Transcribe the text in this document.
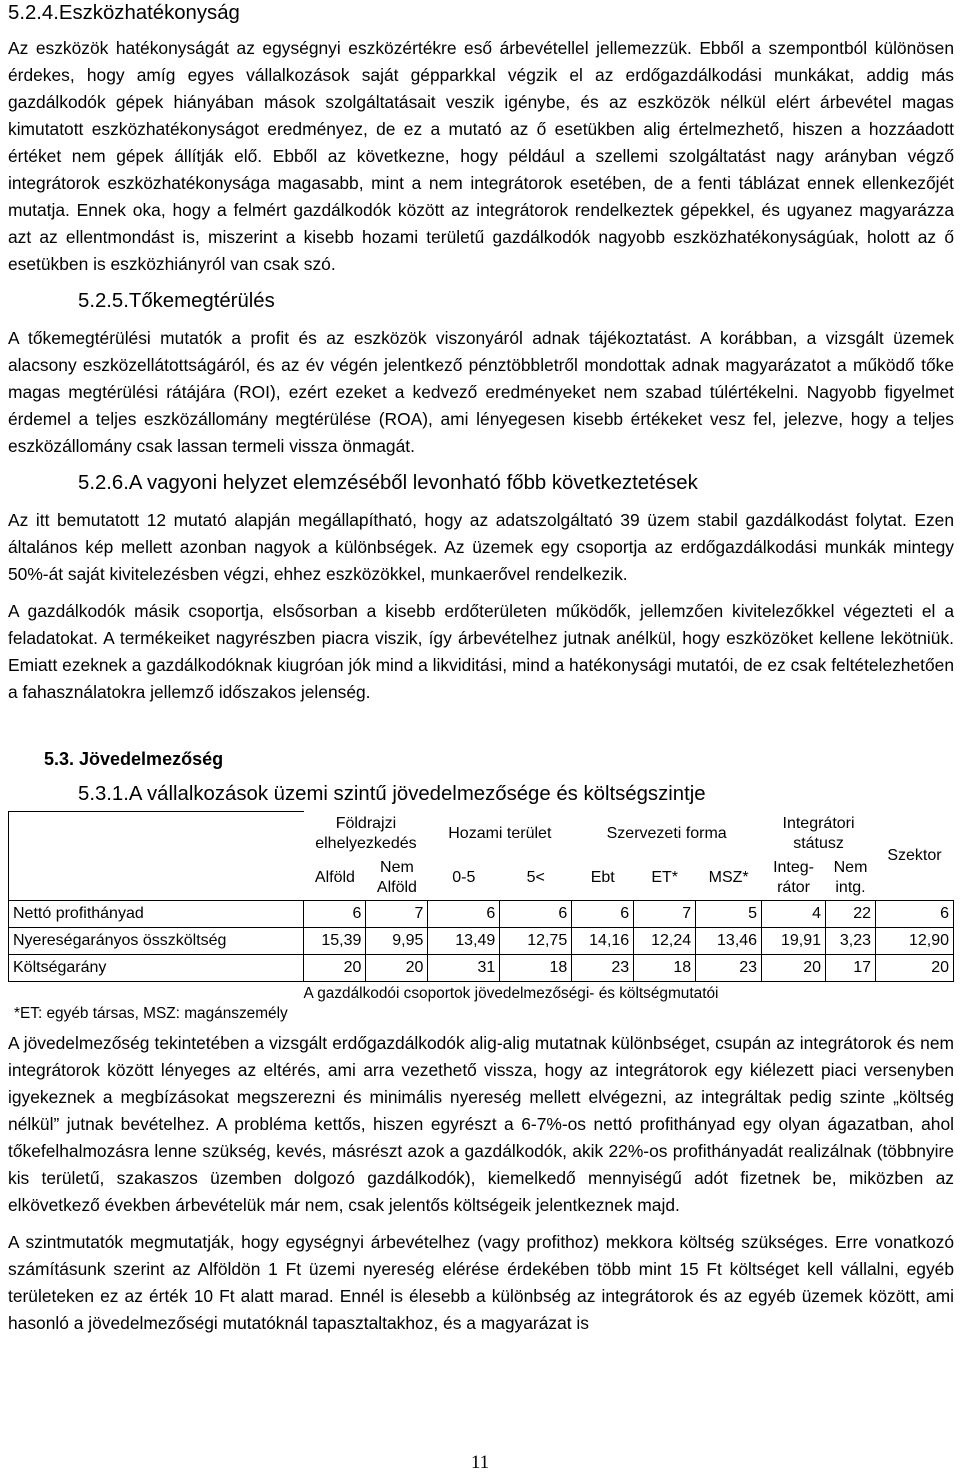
5.2.4.Eszközhatékonyság

Az eszközök hatékonyságát az egységnyi eszközértékre eső árbevétellel jellemezzük. Ebből a szempontból különösen érdekes, hogy amíg egyes vállalkozások saját gépparkkal végzik el az erdőgazdálkodási munkákat, addig más gazdálkodók gépek hiányában mások szolgáltatásait veszik igénybe, és az eszközök nélkül elért árbevétel magas kimutatott eszközhatékonyságot eredményez, de ez a mutató az ő esetükben alig értelmezhető, hiszen a hozzáadott értéket nem gépek állítják elő. Ebből az következne, hogy például a szellemi szolgáltatást nagy arányban végző integrátorok eszközhatékonysága magasabb, mint a nem integrátorok esetében, de a fenti táblázat ennek ellenkezőjét mutatja. Ennek oka, hogy a felmért gazdálkodók között az integrátorok rendelkeztek gépekkel, és ugyanez magyarázza azt az ellentmondást is, miszerint a kisebb hozami területű gazdálkodók nagyobb eszközhatékonyságúak, holott az ő esetükben is eszközhiányról van csak szó.

5.2.5.Tőkemegtérülés

A tőkemegtérülési mutatók a profit és az eszközök viszonyáról adnak tájékoztatást. A korábban, a vizsgált üzemek alacsony eszközellátottságáról, és az év végén jelentkező pénztöbbletről mondottak adnak magyarázatot a működő tőke magas megtérülési rátájára (ROI), ezért ezeket a kedvező eredményeket nem szabad túlértékelni. Nagyobb figyelmet érdemel a teljes eszközállomány megtérülése (ROA), ami lényegesen kisebb értékeket vesz fel, jelezve, hogy a teljes eszközállomány csak lassan termeli vissza önmagát.

5.2.6.A vagyoni helyzet elemzéséből levonható főbb következtetések

Az itt bemutatott 12 mutató alapján megállapítható, hogy az adatszolgáltató 39 üzem stabil gazdálkodást folytat. Ezen általános kép mellett azonban nagyok a különbségek. Az üzemek egy csoportja az erdőgazdálkodási munkák mintegy 50%-át saját kivitelezésben végzi, ehhez eszközökkel, munkaerővel rendelkezik.

A gazdálkodók másik csoportja, elsősorban a kisebb erdőterületen működők, jellemzően kivitelezőkkel végezteti el a feladatokat. A termékeiket nagyrészben piacra viszik, így árbevételhez jutnak anélkül, hogy eszközöket kellene lekötniük. Emiatt ezeknek a gazdálkodóknak kiugróan jók mind a likviditási, mind a hatékonysági mutatói, de ez csak feltételezhetően a fahasználatokra jellemző időszakos jelenség.

5.3. Jövedelmezőség
5.3.1.A vállalkozások üzemi szintű jövedelmezősége és költségszintje
	Földrajzi elhelyezkedés		Hozami terület		Szervezeti forma			Integrátori státusz		Szektor
	Alföld	Nem Alföld	0-5	5<	Ebt	ET*	MSZ*	Integ-rátor	Nem intg.	
Nettó profithányad	6	7	6	6	6	7	5	4	22	6
Nyereségarányos összköltség	15,39	9,95	13,49	12,75	14,16	12,24	13,46	19,91	3,23	12,90
Költségarány	20	20	31	18	23	18	23	20	17	20
A gazdálkodói csoportok jövedelmezőségi- és költségmutatói
*ET: egyéb társas, MSZ: magánszemély

A jövedelmezőség tekintetében a vizsgált erdőgazdálkodók alig-alig mutatnak különbséget, csupán az integrátorok és nem integrátorok között lényeges az eltérés, ami arra vezethető vissza, hogy az integrátorok egy kiélezett piaci versenyben igyekeznek a megbízásokat megszerezni és minimális nyereség mellett elvégezni, az integráltak pedig szinte „költség nélkül” jutnak bevételhez. A probléma kettős, hiszen egyrészt a 6-7%-os nettó profithányad egy olyan ágazatban, ahol tőkefelhalmozásra lenne szükség, kevés, másrészt azok a gazdálkodók, akik 22%-os profithányadát realizálnak (többnyire kis területű, szakaszos üzemben dolgozó gazdálkodók), kiemelkedő mennyiségű adót fizetnek be, miközben az elkövetkező években árbevételük már nem, csak jelentős költségeik jelentkeznek majd.

A szintmutatók megmutatják, hogy egységnyi árbevételhez (vagy profithoz) mekkora költség szükséges. Erre vonatkozó számításunk szerint az Alföldön 1 Ft üzemi nyereség elérése érdekében több mint 15 Ft költséget kell vállalni, egyéb területeken ez az érték 10 Ft alatt marad. Ennél is élesebb a különbség az integrátorok és az egyéb üzemek között, ami hasonló a jövedelmezőségi mutatóknál tapasztaltakhoz, és a magyarázat is

11
